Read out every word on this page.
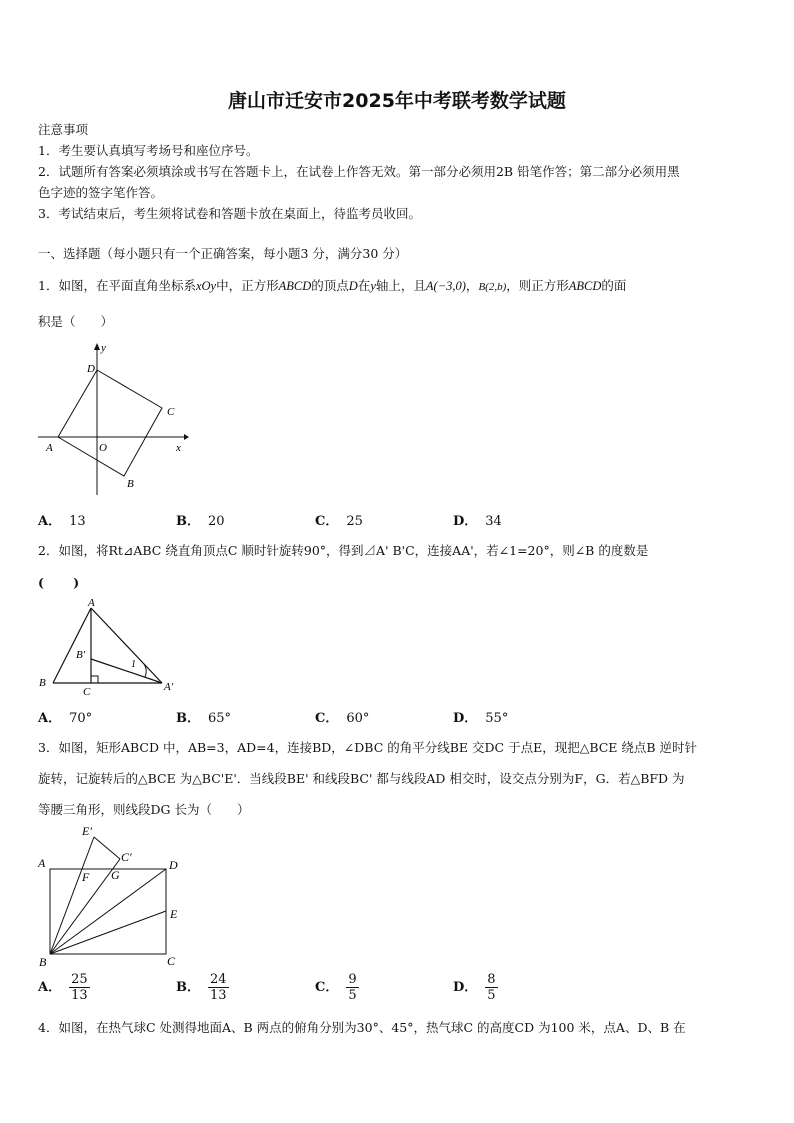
唐山市迁安市2025年中考联考数学试题
注意事项
1．考生要认真填写考场号和座位序号。
2．试题所有答案必须填涂或书写在答题卡上，在试卷上作答无效。第一部分必须用2B 铅笔作答；第二部分必须用黑
色字迹的签字笔作答。
3．考试结束后，考生须将试卷和答题卡放在桌面上，待监考员收回。
一、选择题（每小题只有一个正确答案，每小题3 分，满分30 分）
1．如图，在平面直角坐标系xOy中，正方形ABCD的顶点D在y轴上，且A(−3,0)，B(2,b)，则正方形ABCD的面
积是（　　）
D
C
A	O
B
x
y
A． 13	B． 20	C． 25	D． 34
2．如图，将Rt⊿ABC 绕直角顶点C 顺时针旋转90°，得到⊿A' B'C，连接AA'，若∠1=20°，则∠B 的度数是
(　　 )
A
B′
B
C	A′
1
A． 70°	B． 65°	C． 60°	D． 55°
3．如图，矩形ABCD 中，AB=3，AD=4，连接BD，∠DBC 的角平分线BE 交DC 于点E，现把△BCE 绕点B 逆时针
旋转，记旋转后的△BCE 为△BC'E'．当线段BE' 和线段BC' 都与线段AD 相交时，设交点分别为F，G．若△BFD 为
等腰三角形，则线段DG 长为（　　）
E′
C′
A	D
F G
E
B	C
A． $\frac{25}{13}$	B． $\frac{24}{13}$	C． $\frac{9}{5}$	D． $\frac{8}{5}$
4．如图，在热气球C 处测得地面A、B 两点的俯角分别为30°、45°，热气球C 的高度CD 为100 米，点A、D、B 在
